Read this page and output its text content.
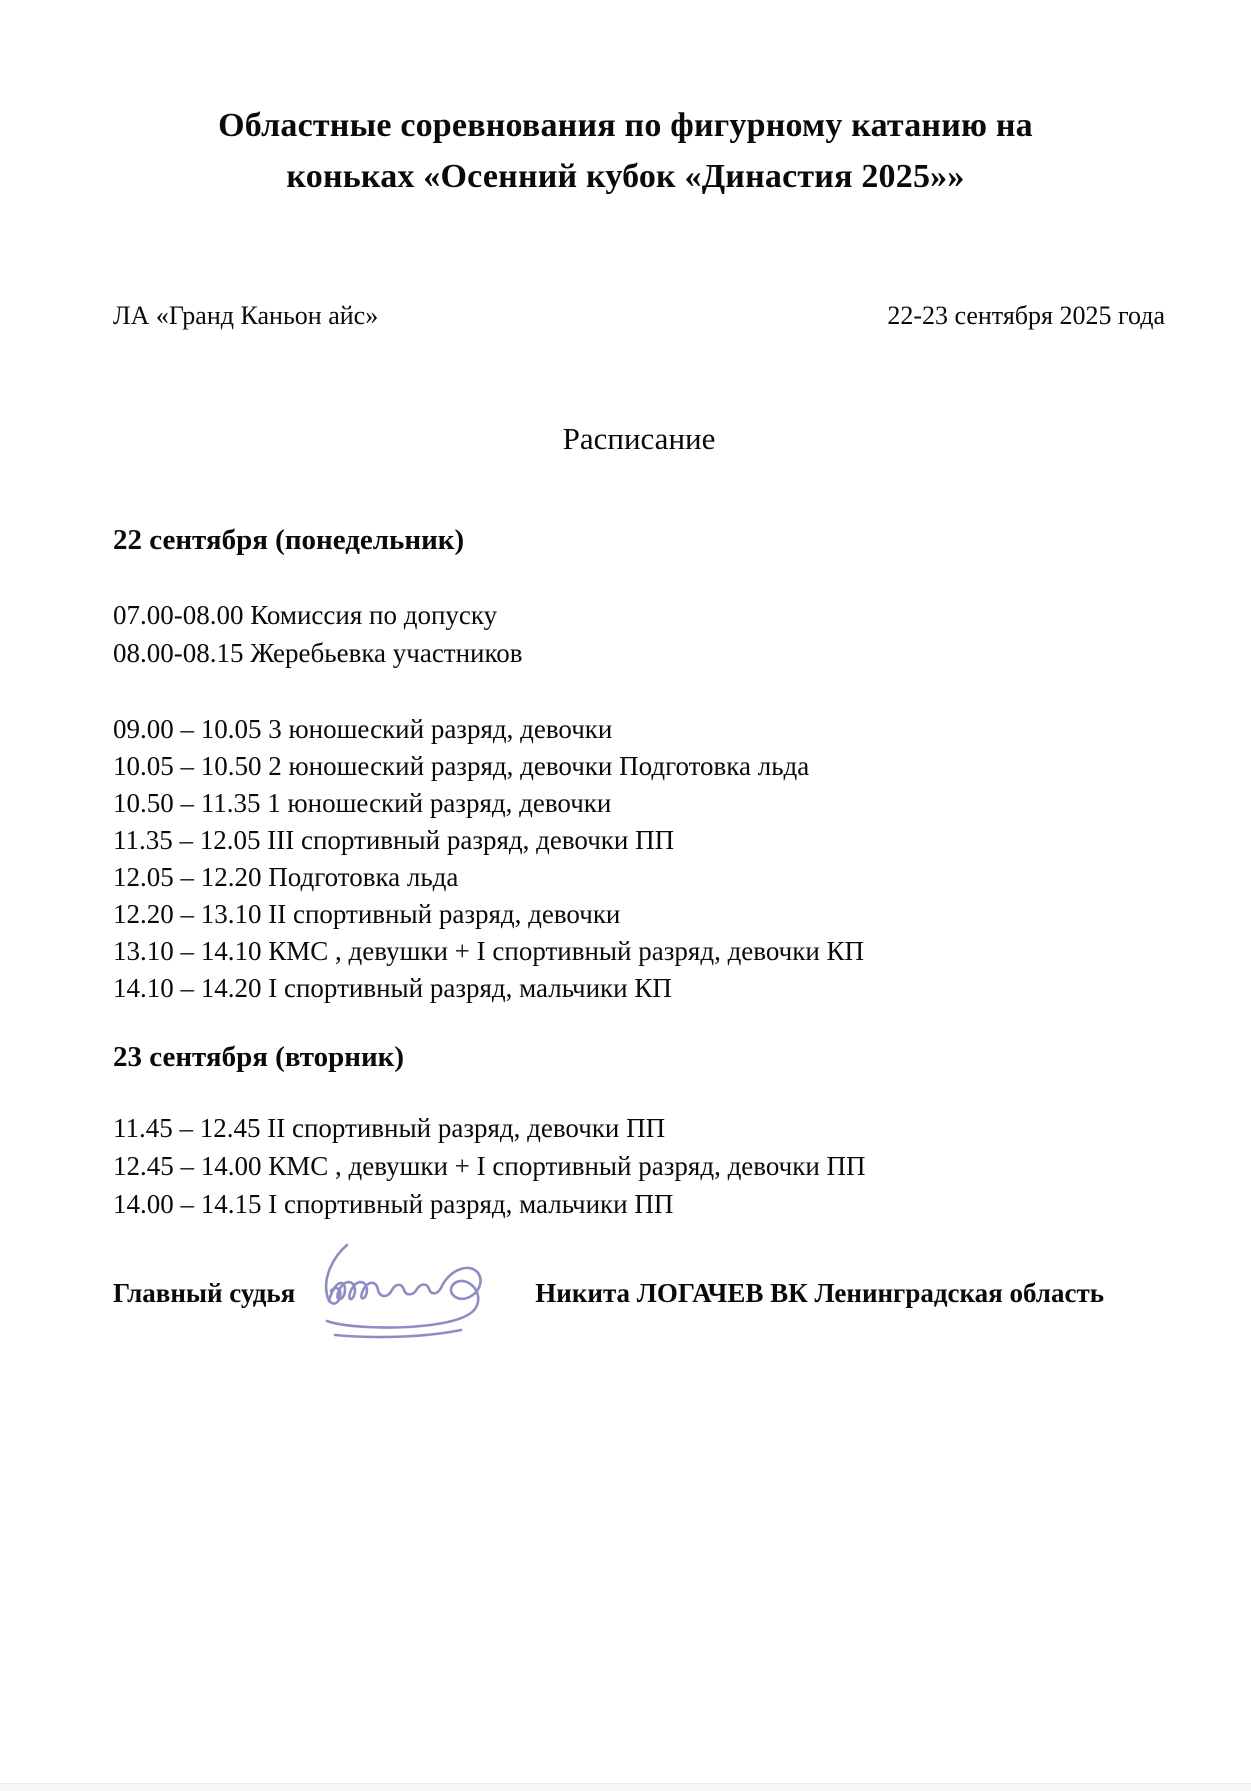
Областные соревнования по фигурному катанию на
коньках «Осенний кубок «Династия 2025»»
ЛА «Гранд Каньон айс»	22-23 сентября 2025 года
Расписание
22 сентября (понедельник)
07.00-08.00 Комиссия по допуску
08.00-08.15 Жеребьевка участников
09.00 – 10.05 3 юношеский разряд, девочки
10.05 – 10.50 2 юношеский разряд, девочки Подготовка льда
10.50 – 11.35 1 юношеский разряд, девочки
11.35 – 12.05 III спортивный разряд, девочки ПП
12.05 – 12.20 Подготовка льда
12.20 – 13.10 II спортивный разряд, девочки
13.10 – 14.10 КМС , девушки + I спортивный разряд, девочки КП
14.10 – 14.20 I спортивный разряд, мальчики КП
23 сентября (вторник)
11.45 – 12.45 II спортивный разряд, девочки ПП
12.45 – 14.00 КМС , девушки + I спортивный разряд, девочки ПП
14.00 – 14.15 I спортивный разряд, мальчики ПП
Главный судья	Никита ЛОГАЧЕВ ВК Ленинградская область
